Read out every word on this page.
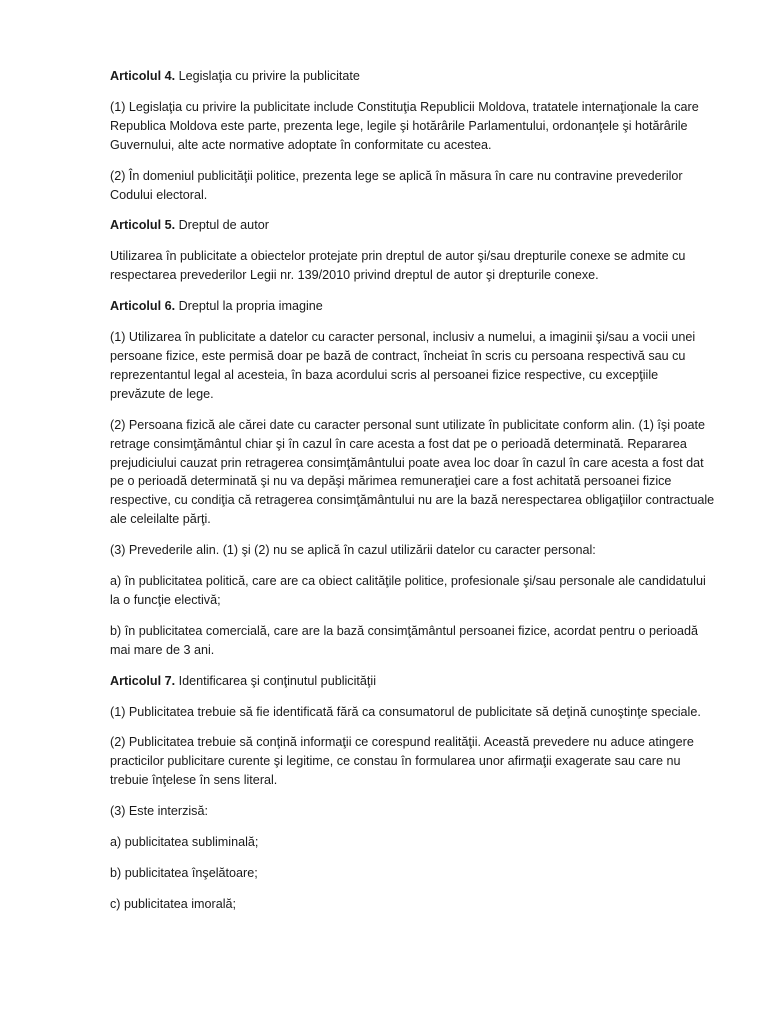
Articolul 4. Legislaţia cu privire la publicitate

(1) Legislaţia cu privire la publicitate include Constituţia Republicii Moldova, tratatele internaţionale la care Republica Moldova este parte, prezenta lege, legile şi hotărârile Parlamentului, ordonanţele şi hotărârile Guvernului, alte acte normative adoptate în conformitate cu acestea.

(2) În domeniul publicităţii politice, prezenta lege se aplică în măsura în care nu contravine prevederilor Codului electoral.

Articolul 5. Dreptul de autor

Utilizarea în publicitate a obiectelor protejate prin dreptul de autor şi/sau drepturile conexe se admite cu respectarea prevederilor Legii nr. 139/2010 privind dreptul de autor şi drepturile conexe.

Articolul 6. Dreptul la propria imagine

(1) Utilizarea în publicitate a datelor cu caracter personal, inclusiv a numelui, a imaginii şi/sau a vocii unei persoane fizice, este permisă doar pe bază de contract, încheiat în scris cu persoana respectivă sau cu reprezentantul legal al acesteia, în baza acordului scris al persoanei fizice respective, cu excepţiile prevăzute de lege.

(2) Persoana fizică ale cărei date cu caracter personal sunt utilizate în publicitate conform alin. (1) îşi poate retrage consimţământul chiar şi în cazul în care acesta a fost dat pe o perioadă determinată. Repararea prejudiciului cauzat prin retragerea consimţământului poate avea loc doar în cazul în care acesta a fost dat pe o perioadă determinată şi nu va depăşi mărimea remuneraţiei care a fost achitată persoanei fizice respective, cu condiţia că retragerea consimţământului nu are la bază nerespectarea obligaţiilor contractuale ale celeilalte părţi.

(3) Prevederile alin. (1) şi (2) nu se aplică în cazul utilizării datelor cu caracter personal:

a) în publicitatea politică, care are ca obiect calităţile politice, profesionale şi/sau personale ale candidatului la o funcţie electivă;

b) în publicitatea comercială, care are la bază consimţământul persoanei fizice, acordat pentru o perioadă mai mare de 3 ani.

Articolul 7. Identificarea şi conţinutul publicităţii

(1) Publicitatea trebuie să fie identificată fără ca consumatorul de publicitate să deţină cunoştinţe speciale.

(2) Publicitatea trebuie să conţină informaţii ce corespund realităţii. Această prevedere nu aduce atingere practicilor publicitare curente şi legitime, ce constau în formularea unor afirmaţii exagerate sau care nu trebuie înţelese în sens literal.

(3) Este interzisă:

a) publicitatea subliminală;

b) publicitatea înşelătoare;

c) publicitatea imorală;
